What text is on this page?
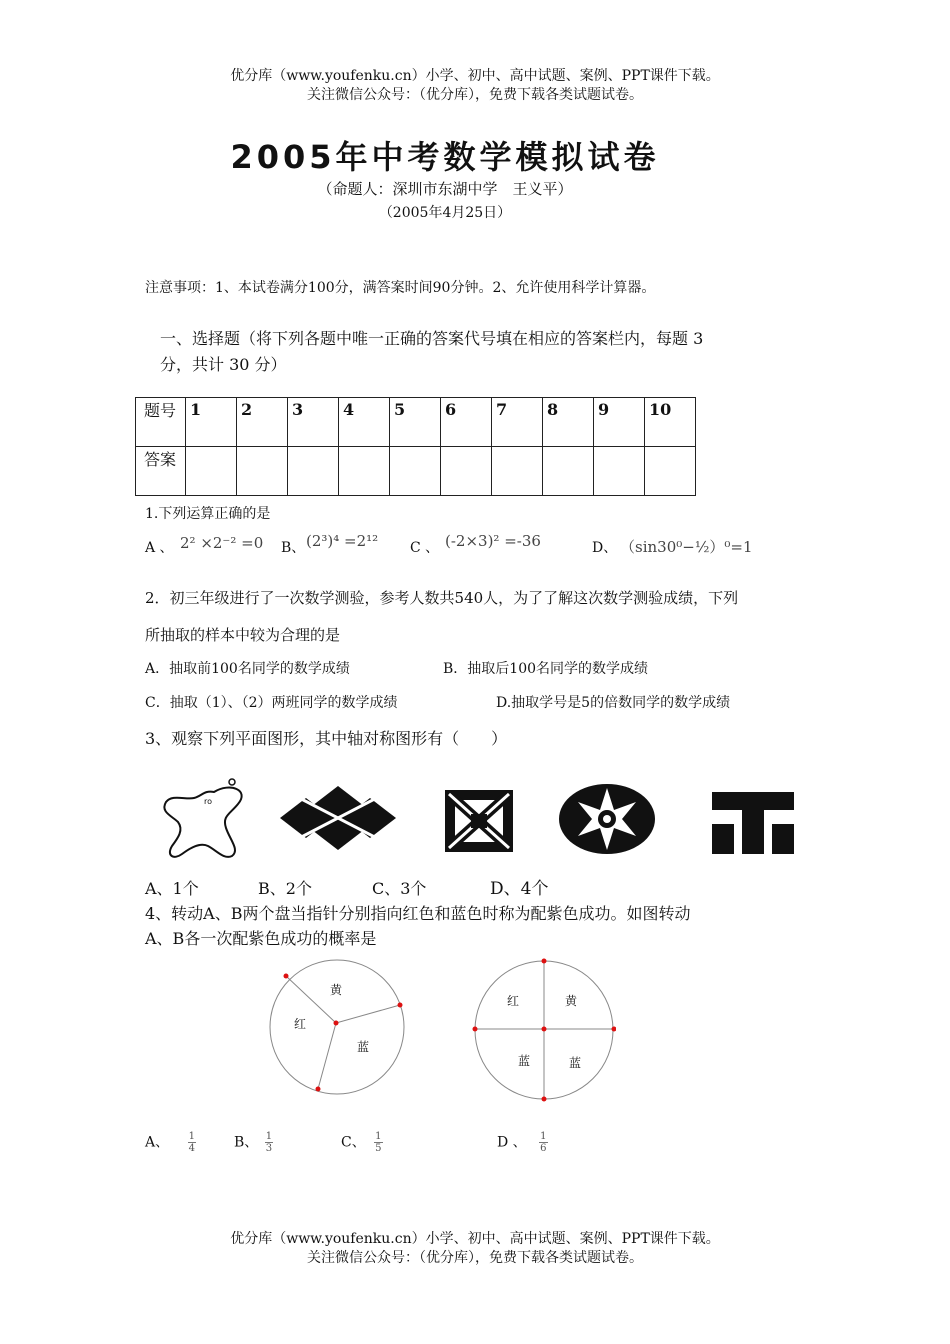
优分库（www.youfenku.cn）小学、初中、高中试题、案例、PPT课件下载。
关注微信公众号：（优分库），免费下载各类试题试卷。
2005年中考数学模拟试卷
（命题人：深圳市东湖中学　王义平）
（2005年4月25日）
注意事项：1、本试卷满分100分，满答案时间90分钟。2、允许使用科学计算器。
一、选择题（将下列各题中唯一正确的答案代号填在相应的答案栏内，每题 3
分，共计 30 分）
题号	1	2	3	4	5	6	7	8	9	10
答案										
1.下列运算正确的是
A 、 2² ×2⁻² =0 B、 (2³)⁴ =2¹² C 、 (-2×3)² =-36	D、 （sin30⁰−½）⁰=1
2．初三年级进行了一次数学测验，参考人数共540人，为了了解这次数学测验成绩，下列
所抽取的样本中较为合理的是
A．抽取前100名同学的数学成绩	B．抽取后100名同学的数学成绩
C．抽取（1）、（2）两班同学的数学成绩	D.抽取学号是5的倍数同学的数学成绩
3、观察下列平面图形，其中轴对称图形有（　　）
ro
A、1个	B、2个	C、3个	D、4个
4、转动A、B两个盘当指针分别指向红色和蓝色时称为配紫色成功。如图转动
A、B各一次配紫色成功的概率是
黄
红
蓝
红	黄
蓝	蓝
A、 $\frac{1}{4}$	B、 $\frac{1}{3}$	C、 $\frac{1}{5}$	D 、 $\frac{1}{6}$
优分库（www.youfenku.cn）小学、初中、高中试题、案例、PPT课件下载。
关注微信公众号：（优分库），免费下载各类试题试卷。
